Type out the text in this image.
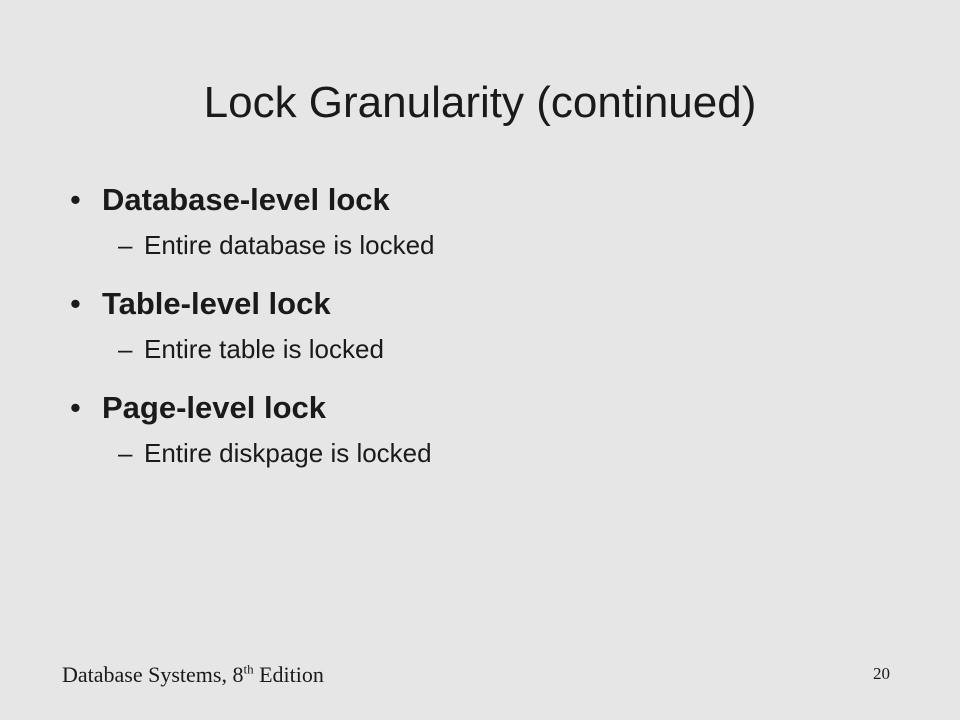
Lock Granularity (continued)
• Database-level lock
– Entire database is locked
• Table-level lock
– Entire table is locked
• Page-level lock
– Entire diskpage is locked
Database Systems, 8th Edition	20
